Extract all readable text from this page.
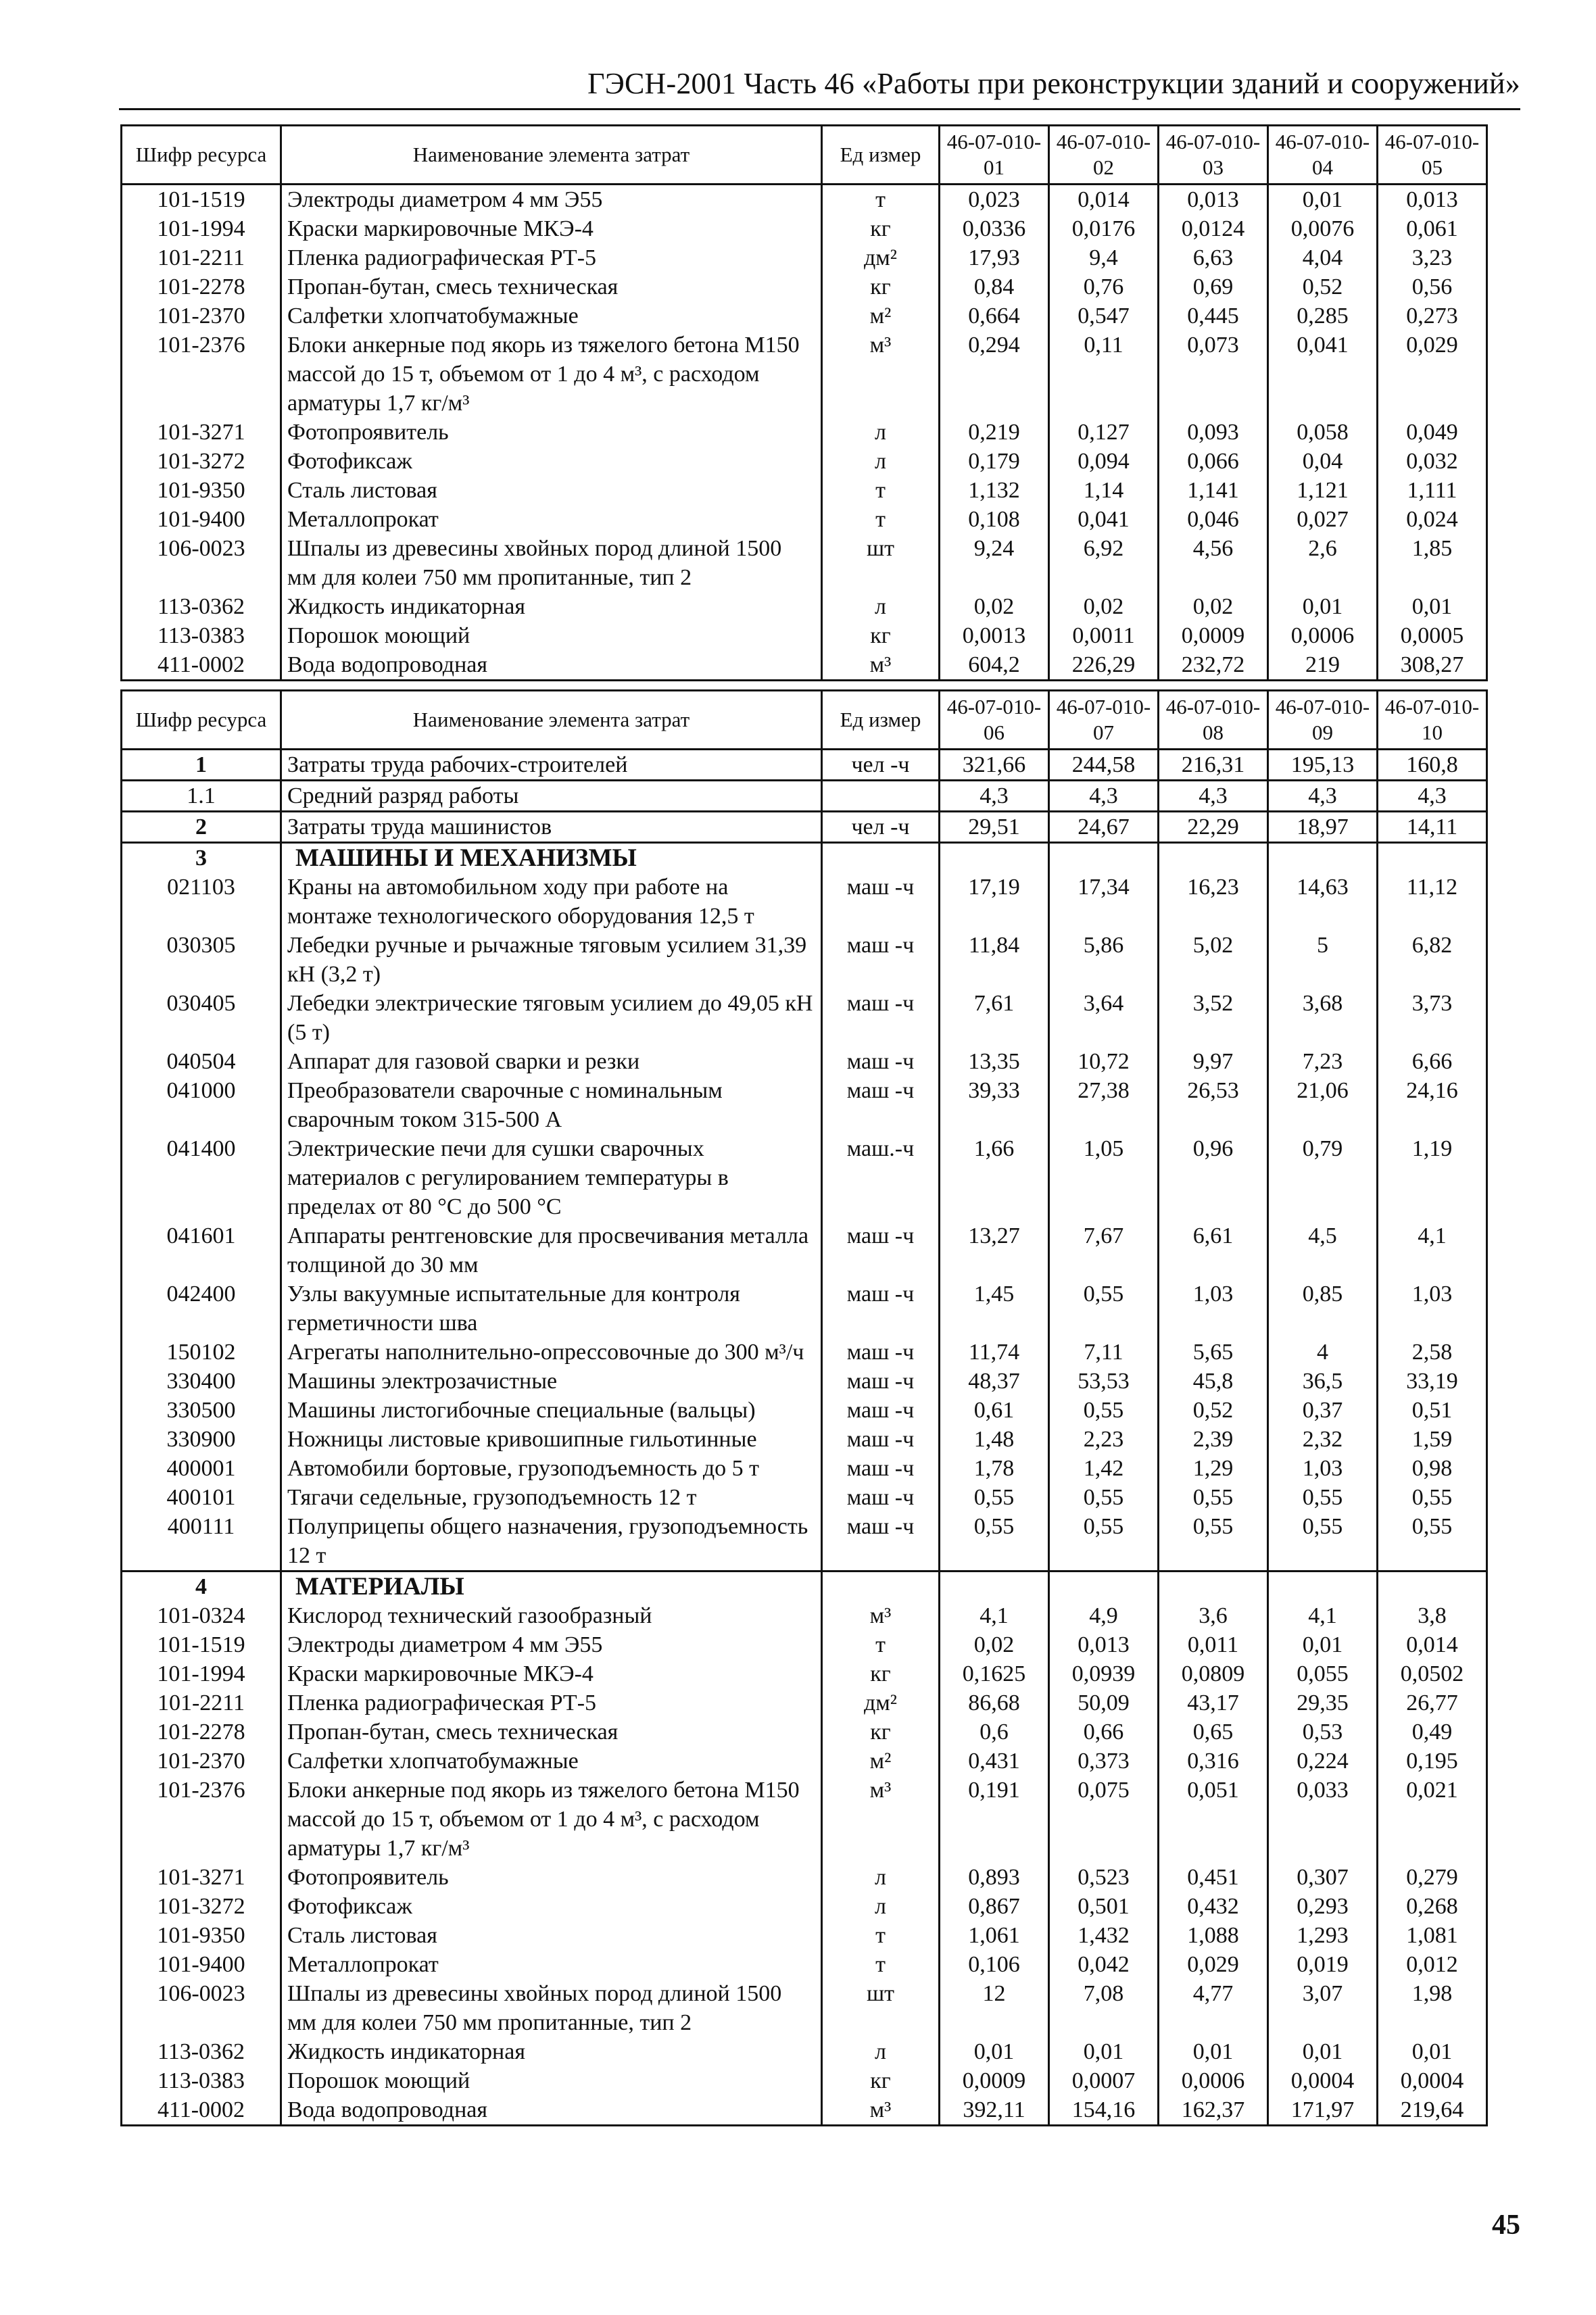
ГЭСН-2001 Часть 46 «Работы при реконструкции зданий и сооружений»
Шифр ресурса	Наименование элемента затрат	Ед измер	46-07-010-01	46-07-010-02	46-07-010-03	46-07-010-04	46-07-010-05
101-1519	Электроды диаметром 4 мм Э55	т	0,023	0,014	0,013	0,01	0,013
101-1994	Краски маркировочные МКЭ-4	кг	0,0336	0,0176	0,0124	0,0076	0,061
101-2211	Пленка радиографическая РТ-5	дм²	17,93	9,4	6,63	4,04	3,23
101-2278	Пропан-бутан, смесь техническая	кг	0,84	0,76	0,69	0,52	0,56
101-2370	Салфетки хлопчатобумажные	м²	0,664	0,547	0,445	0,285	0,273
101-2376	Блоки анкерные под якорь из тяжелого бетона М150 массой до 15 т, объемом от 1 до 4 м³, с расходом арматуры 1,7 кг/м³	м³	0,294	0,11	0,073	0,041	0,029
101-3271	Фотопроявитель	л	0,219	0,127	0,093	0,058	0,049
101-3272	Фотофиксаж	л	0,179	0,094	0,066	0,04	0,032
101-9350	Сталь листовая	т	1,132	1,14	1,141	1,121	1,111
101-9400	Металлопрокат	т	0,108	0,041	0,046	0,027	0,024
106-0023	Шпалы из древесины хвойных пород длиной 1500 мм для колеи 750 мм пропитанные, тип 2	шт	9,24	6,92	4,56	2,6	1,85
113-0362	Жидкость индикаторная	л	0,02	0,02	0,02	0,01	0,01
113-0383	Порошок моющий	кг	0,0013	0,0011	0,0009	0,0006	0,0005
411-0002	Вода водопроводная	м³	604,2	226,29	232,72	219	308,27
Шифр ресурса	Наименование элемента затрат	Ед измер	46-07-010-06	46-07-010-07	46-07-010-08	46-07-010-09	46-07-010-10
1	Затраты труда рабочих-строителей	чел -ч	321,66	244,58	216,31	195,13	160,8
1.1	Средний разряд работы		4,3	4,3	4,3	4,3	4,3
2	Затраты труда машинистов	чел -ч	29,51	24,67	22,29	18,97	14,11
3	МАШИНЫ И МЕХАНИЗМЫ						
021103	Краны на автомобильном ходу при работе на монтаже технологического оборудования 12,5 т	маш -ч	17,19	17,34	16,23	14,63	11,12
030305	Лебедки ручные и рычажные тяговым усилием 31,39 кН (3,2 т)	маш -ч	11,84	5,86	5,02	5	6,82
030405	Лебедки электрические тяговым усилием до 49,05 кН (5 т)	маш -ч	7,61	3,64	3,52	3,68	3,73
040504	Аппарат для газовой сварки и резки	маш -ч	13,35	10,72	9,97	7,23	6,66
041000	Преобразователи сварочные с номинальным сварочным током 315-500 А	маш -ч	39,33	27,38	26,53	21,06	24,16
041400	Электрические печи для сушки сварочных материалов с регулированием температуры в пределах от 80 °С до 500 °С	маш.-ч	1,66	1,05	0,96	0,79	1,19
041601	Аппараты рентгеновские для просвечивания металла толщиной до 30 мм	маш -ч	13,27	7,67	6,61	4,5	4,1
042400	Узлы вакуумные испытательные для контроля герметичности шва	маш -ч	1,45	0,55	1,03	0,85	1,03
150102	Агрегаты наполнительно-опрессовочные до 300 м³/ч	маш -ч	11,74	7,11	5,65	4	2,58
330400	Машины электрозачистные	маш -ч	48,37	53,53	45,8	36,5	33,19
330500	Машины листогибочные специальные (вальцы)	маш -ч	0,61	0,55	0,52	0,37	0,51
330900	Ножницы листовые кривошипные гильотинные	маш -ч	1,48	2,23	2,39	2,32	1,59
400001	Автомобили бортовые, грузоподъемность до 5 т	маш -ч	1,78	1,42	1,29	1,03	0,98
400101	Тягачи седельные, грузоподъемность 12 т	маш -ч	0,55	0,55	0,55	0,55	0,55
400111	Полуприцепы общего назначения, грузоподъемность 12 т	маш -ч	0,55	0,55	0,55	0,55	0,55
4	МАТЕРИАЛЫ						
101-0324	Кислород технический газообразный	м³	4,1	4,9	3,6	4,1	3,8
101-1519	Электроды диаметром 4 мм Э55	т	0,02	0,013	0,011	0,01	0,014
101-1994	Краски маркировочные МКЭ-4	кг	0,1625	0,0939	0,0809	0,055	0,0502
101-2211	Пленка радиографическая РТ-5	дм²	86,68	50,09	43,17	29,35	26,77
101-2278	Пропан-бутан, смесь техническая	кг	0,6	0,66	0,65	0,53	0,49
101-2370	Салфетки хлопчатобумажные	м²	0,431	0,373	0,316	0,224	0,195
101-2376	Блоки анкерные под якорь из тяжелого бетона М150 массой до 15 т, объемом от 1 до 4 м³, с расходом арматуры 1,7 кг/м³	м³	0,191	0,075	0,051	0,033	0,021
101-3271	Фотопроявитель	л	0,893	0,523	0,451	0,307	0,279
101-3272	Фотофиксаж	л	0,867	0,501	0,432	0,293	0,268
101-9350	Сталь листовая	т	1,061	1,432	1,088	1,293	1,081
101-9400	Металлопрокат	т	0,106	0,042	0,029	0,019	0,012
106-0023	Шпалы из древесины хвойных пород длиной 1500 мм для колеи 750 мм пропитанные, тип 2	шт	12	7,08	4,77	3,07	1,98
113-0362	Жидкость индикаторная	л	0,01	0,01	0,01	0,01	0,01
113-0383	Порошок моющий	кг	0,0009	0,0007	0,0006	0,0004	0,0004
411-0002	Вода водопроводная	м³	392,11	154,16	162,37	171,97	219,64
45
